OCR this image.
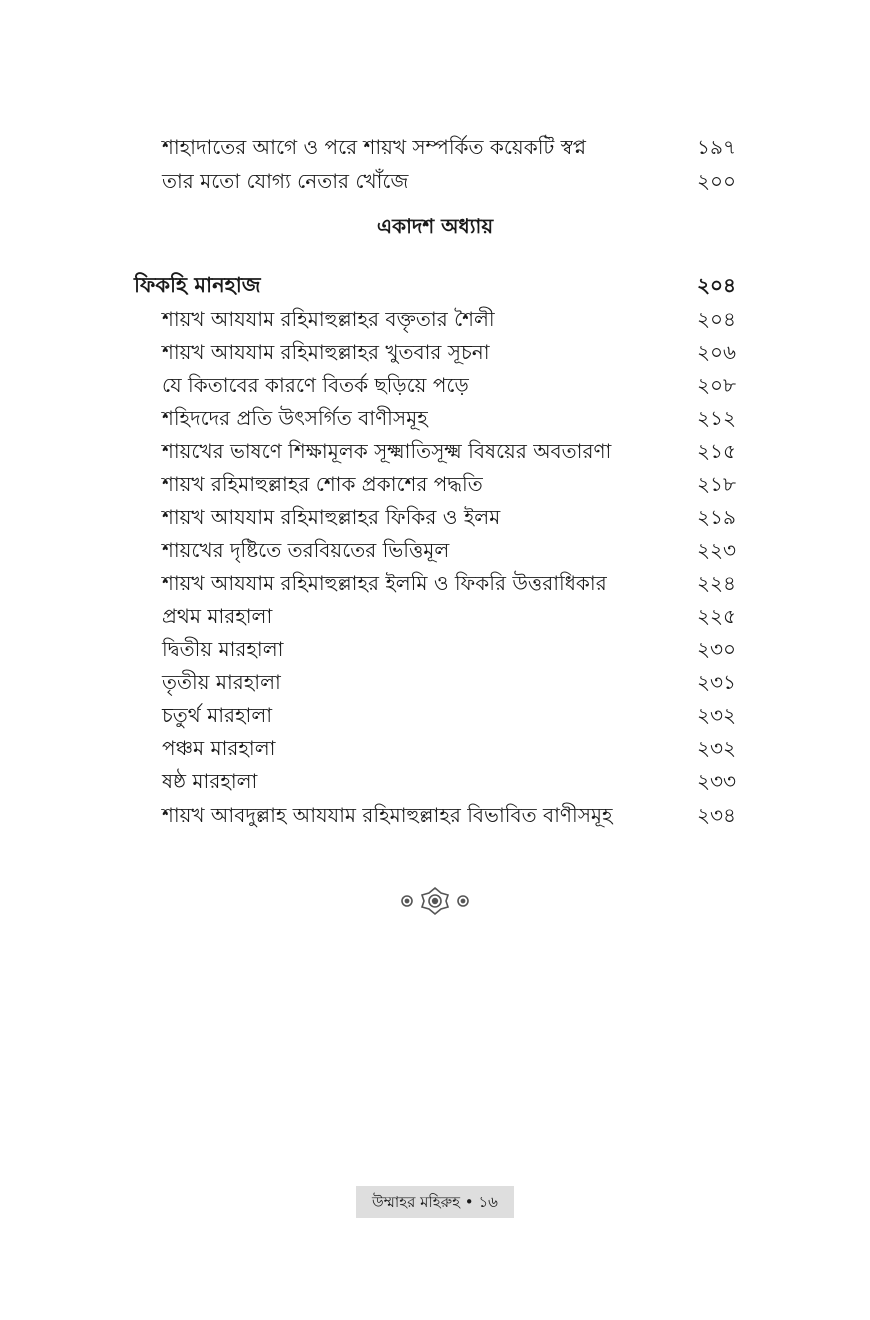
শাহাদাতের আগে ও পরে শায়খ সম্পর্কিত কয়েকটি স্বপ্ন	১৯৭
তার মতো যোগ্য নেতার খোঁজে	২০০
একাদশ অধ্যায়
ফিকহি মানহাজ	২০৪
শায়খ আযযাম রহিমাহুল্লাহর বক্তৃতার শৈলী	২০৪
শায়খ আযযাম রহিমাহুল্লাহর খুতবার সূচনা	২০৬
যে কিতাবের কারণে বিতর্ক ছড়িয়ে পড়ে	২০৮
শহিদদের প্রতি উৎসর্গিত বাণীসমূহ	২১২
শায়খের ভাষণে শিক্ষামূলক সূক্ষ্মাতিসূক্ষ্ম বিষয়ের অবতারণা	২১৫
শায়খ রহিমাহুল্লাহর শোক প্রকাশের পদ্ধতি	২১৮
শায়খ আযযাম রহিমাহুল্লাহর ফিকির ও ইলম	২১৯
শায়খের দৃষ্টিতে তরবিয়তের ভিত্তিমূল	২২৩
শায়খ আযযাম রহিমাহুল্লাহর ইলমি ও ফিকরি উত্তরাধিকার	২২৪
প্রথম মারহালা	২২৫
দ্বিতীয় মারহালা	২৩০
তৃতীয় মারহালা	২৩১
চতুর্থ মারহালা	২৩২
পঞ্চম মারহালা	২৩২
ষষ্ঠ মারহালা	২৩৩
শায়খ আবদুল্লাহ আযযাম রহিমাহুল্লাহর বিভাবিত বাণীসমূহ	২৩৪
উম্মাহর মহিরুহ • ১৬
